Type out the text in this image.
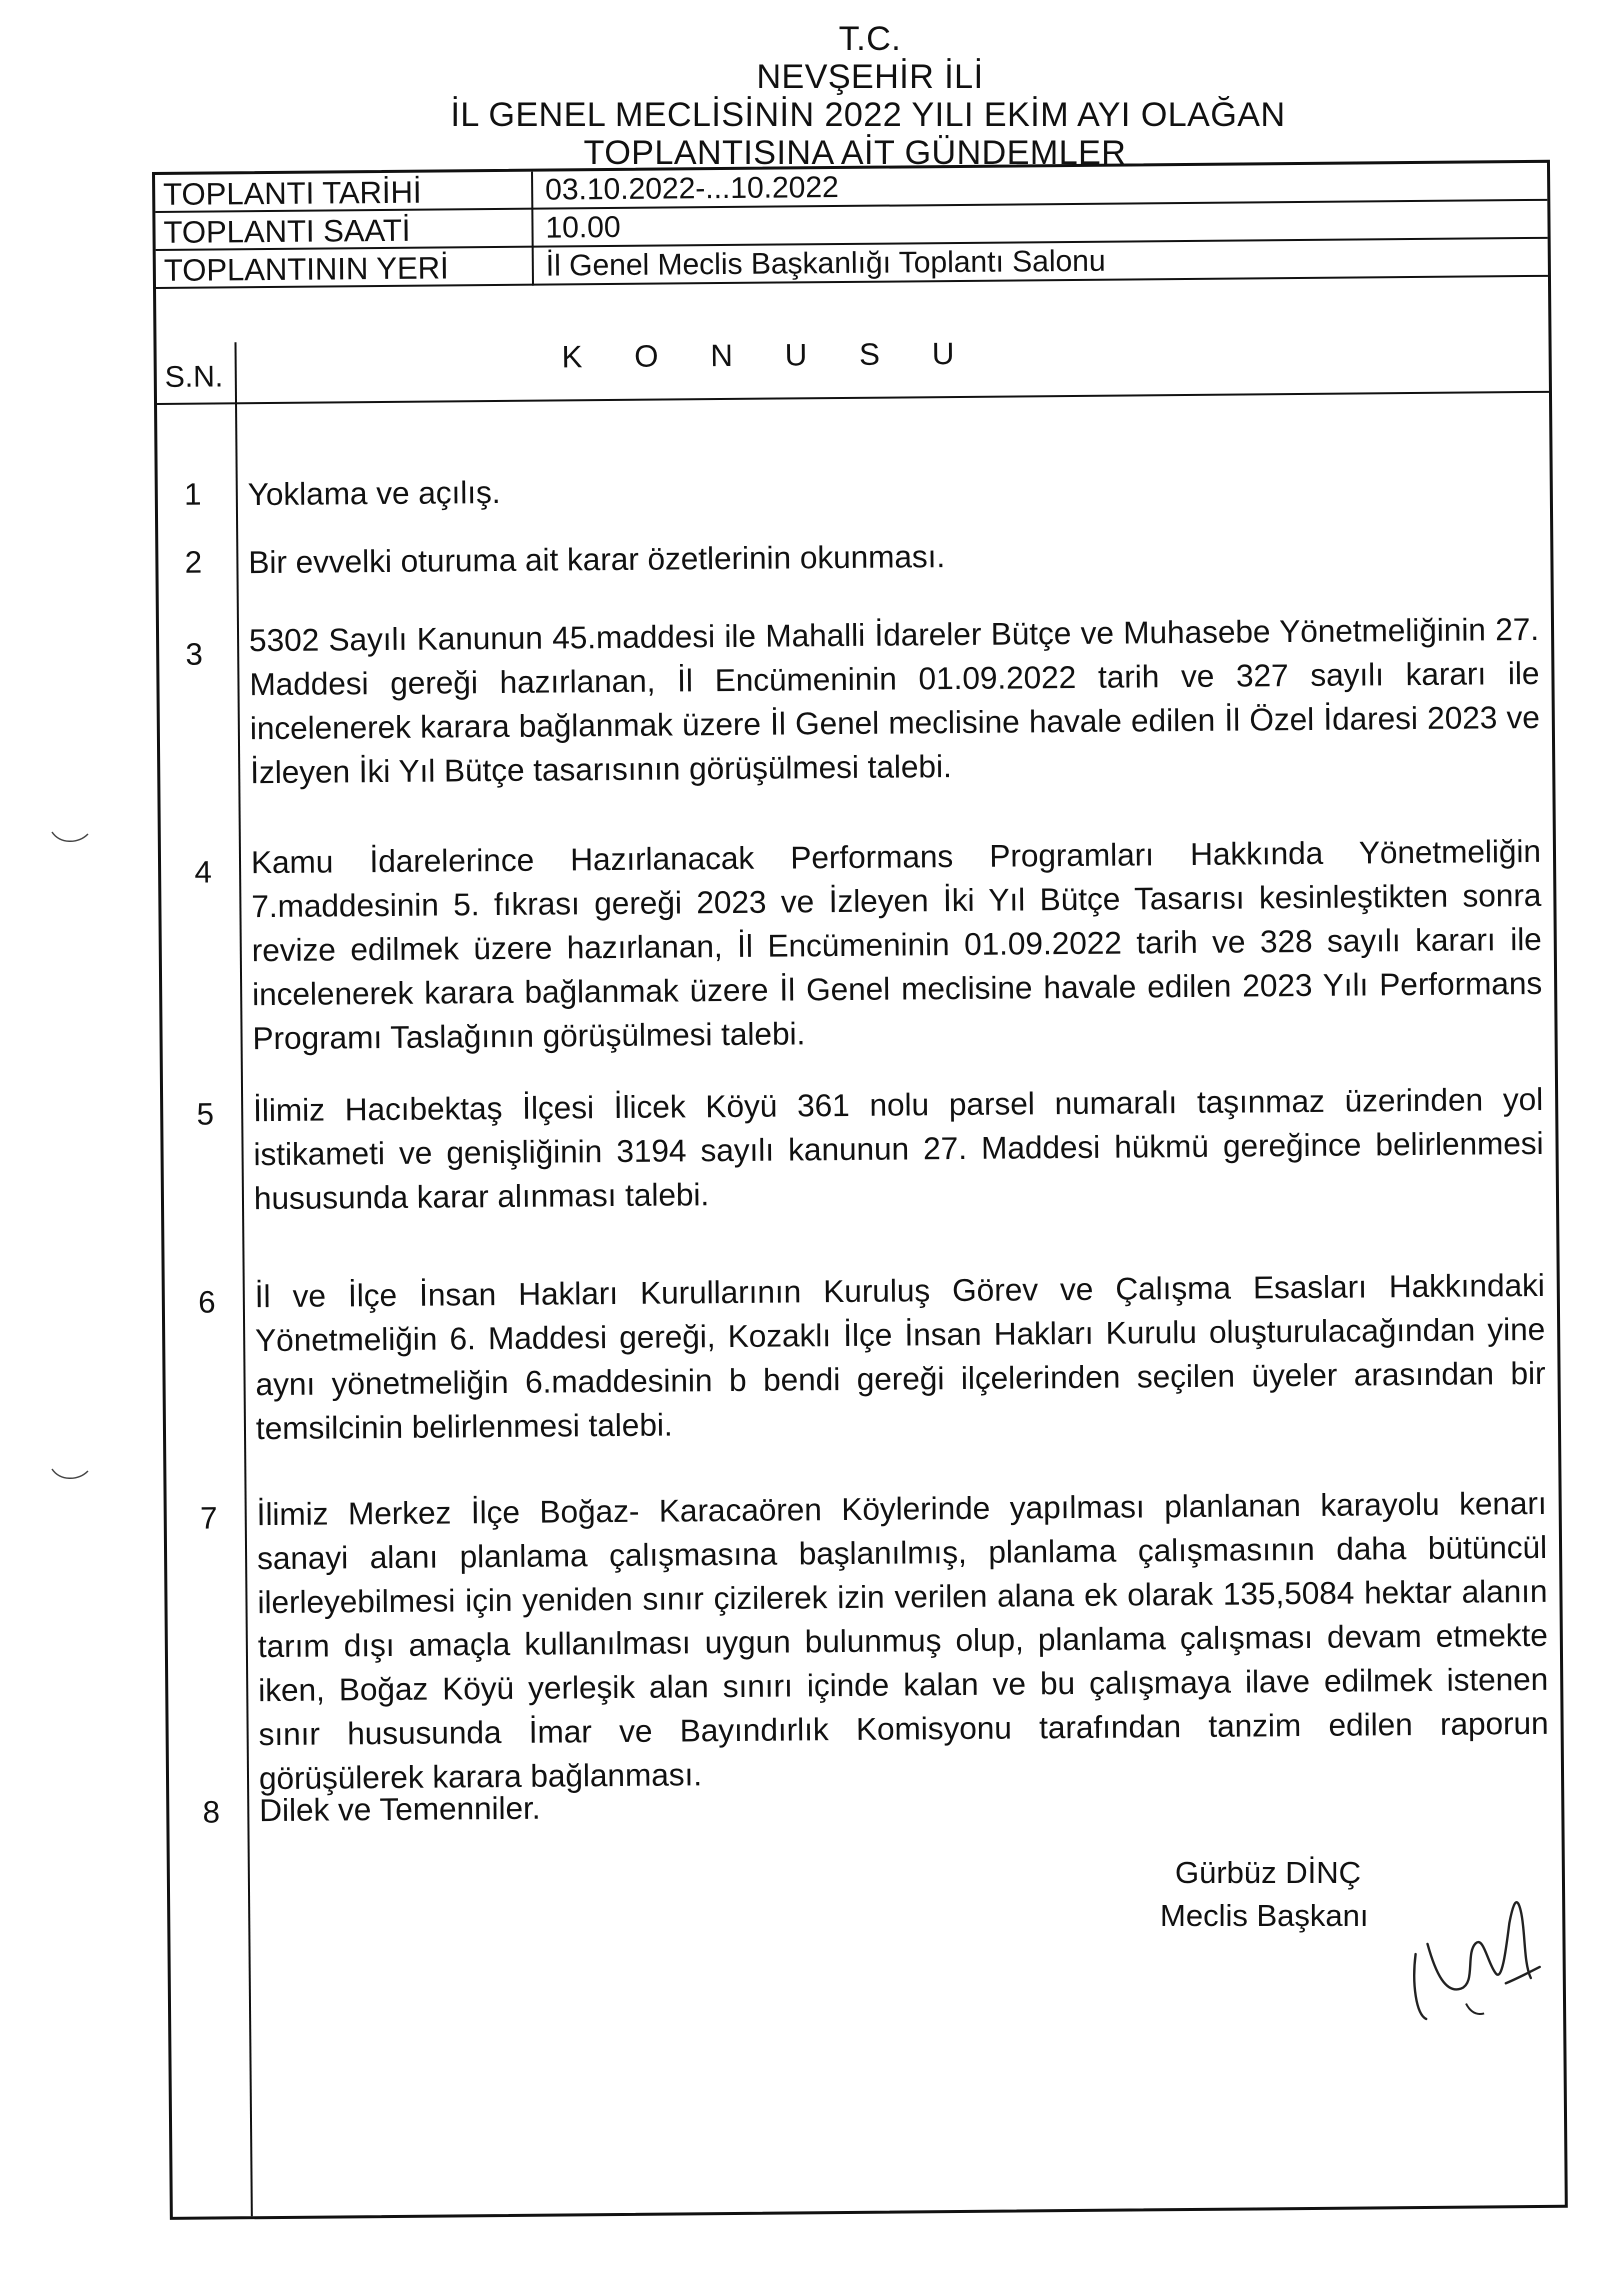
T.C.
NEVŞEHİR İLİ
İL GENEL MECLİSİNİN 2022 YILI EKİM AYI OLAĞAN
TOPLANTISINA AİT GÜNDEMLER
TOPLANTI TARİHİ	03.10.2022-...10.2022
TOPLANTI SAATİ	10.00
TOPLANTININ YERİ	İl Genel Meclis Başkanlığı Toplantı Salonu
S.N.
KONUSU
1	Yoklama ve açılış.
2	Bir evvelki oturuma ait karar özetlerinin okunması.
3	5302 Sayılı Kanunun 45.maddesi ile Mahalli İdareler Bütçe ve Muhasebe Yönetmeliğinin 27. Maddesi gereği hazırlanan, İl Encümeninin 01.09.2022 tarih ve 327 sayılı kararı ile incelenerek karara bağlanmak üzere İl Genel meclisine havale edilen İl Özel İdaresi 2023 ve İzleyen İki Yıl Bütçe tasarısının görüşülmesi talebi.
4	Kamu İdarelerince Hazırlanacak Performans Programları Hakkında Yönetmeliğin 7.maddesinin 5. fıkrası gereği 2023 ve İzleyen İki Yıl Bütçe Tasarısı kesinleştikten sonra revize edilmek üzere hazırlanan, İl Encümeninin 01.09.2022 tarih ve 328 sayılı kararı ile incelenerek karara bağlanmak üzere İl Genel meclisine havale edilen 2023 Yılı Performans Programı Taslağının görüşülmesi talebi.
5	İlimiz Hacıbektaş İlçesi İlicek Köyü 361 nolu parsel numaralı taşınmaz üzerinden yol istikameti ve genişliğinin 3194 sayılı kanunun 27. Maddesi hükmü gereğince belirlenmesi hususunda karar alınması talebi.
6	İl ve İlçe İnsan Hakları Kurullarının Kuruluş Görev ve Çalışma Esasları Hakkındaki Yönetmeliğin 6. Maddesi gereği, Kozaklı İlçe İnsan Hakları Kurulu oluşturulacağından yine aynı yönetmeliğin 6.maddesinin b bendi gereği ilçelerinden seçilen üyeler arasından bir temsilcinin belirlenmesi talebi.
7	İlimiz Merkez İlçe Boğaz- Karacaören Köylerinde yapılması planlanan karayolu kenarı sanayi alanı planlama çalışmasına başlanılmış, planlama çalışmasının daha bütüncül ilerleyebilmesi için yeniden sınır çizilerek izin verilen alana ek olarak 135,5084 hektar alanın tarım dışı amaçla kullanılması uygun bulunmuş olup, planlama çalışması devam etmekte iken, Boğaz Köyü yerleşik alan sınırı içinde kalan ve bu çalışmaya ilave edilmek istenen sınır hususunda İmar ve Bayındırlık Komisyonu tarafından tanzim edilen raporun görüşülerek karara bağlanması.
8	Dilek ve Temenniler.
Gürbüz DİNÇ
Meclis Başkanı
